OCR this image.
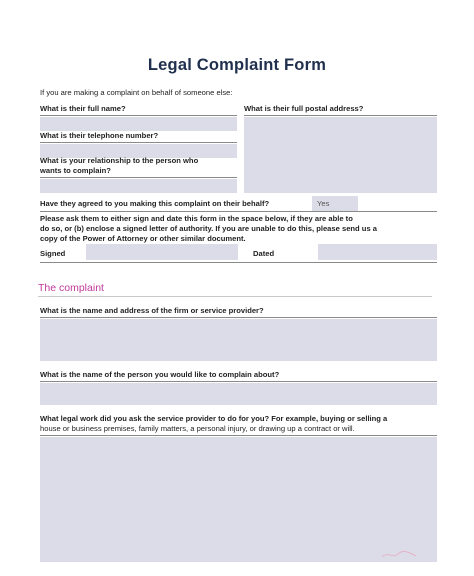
Legal Complaint Form
If you are making a complaint on behalf of someone else:
What is their full name?	What is their full postal address?
What is their telephone number?
What is your relationship to the person who
wants to complain?
Have they agreed to you making this complaint on their behalf?	Yes
Please ask them to either sign and date this form in the space below, if they are able to
do so, or (b) enclose a signed letter of authority. If you are unable to do this, please send us a
copy of the Power of Attorney or other similar document.
Signed	Dated
The complaint
What is the name and address of the firm or service provider?
What is the name of the person you would like to complain about?
What legal work did you ask the service provider to do for you? For example, buying or selling a
house or business premises, family matters, a personal injury, or drawing up a contract or will.
